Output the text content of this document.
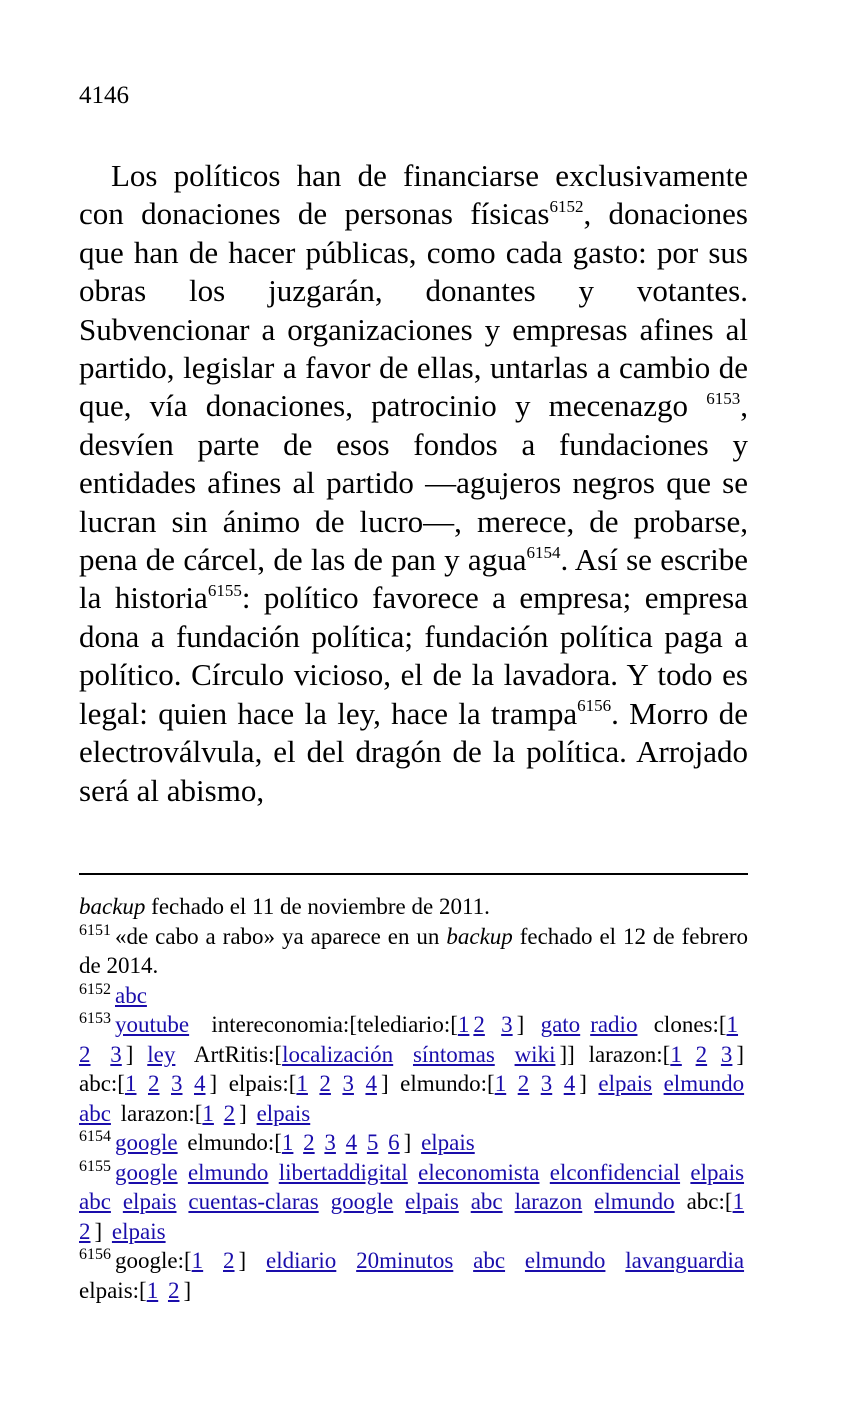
4146

Los políticos han de financiarse exclusivamente con donaciones de personas físicas$^{6152}$, donaciones que han de hacer públicas, como cada gasto: por sus obras los juzgarán, donantes y votantes. Subvencionar a organizaciones y empresas afines al partido, legislar a favor de ellas, untarlas a cambio de que, vía donaciones, patrocinio y mecenazgo $^{6153}$, desvíen parte de esos fondos a fundaciones y entidades afines al partido —agujeros negros que se lucran sin ánimo de lucro—, merece, de probarse, pena de cárcel, de las de pan y agua$^{6154}$. Así se escribe la historia$^{6155}$: político favorece a empresa; empresa dona a fundación política; fundación política paga a político. Círculo vicioso, el de la lavadora. Y todo es legal: quien hace la ley, hace la trampa$^{6156}$. Morro de electroválvula, el del dragón de la política. Arrojado será al abismo,

backup fechado el 11 de noviembre de 2011.

$^{6151}$ «de cabo a rabo» ya aparece en un backup fechado el 12 de febrero de 2014.

$^{6152}$ abc

$^{6153}$ youtube intereconomia:[telediario:[1 2 3 ] gato radio clones:[1 2 3 ] ley ArtRitis:[localización síntomas wiki ]] larazon:[1 2 3 ] abc:[1 2 3 4 ] elpais:[1 2 3 4 ] elmundo:[1 2 3 4 ] elpais elmundo abc larazon:[1 2 ] elpais

$^{6154}$ google elmundo:[1 2 3 4 5 6 ] elpais

$^{6155}$ google elmundo libertaddigital eleconomista elconfidencial elpais abc elpais cuentas-claras google elpais abc larazon elmundo abc:[1 2 ] elpais

$^{6156}$ google:[1 2 ] eldiario 20minutos abc elmundo lavanguardia elpais:[1 2 ]
